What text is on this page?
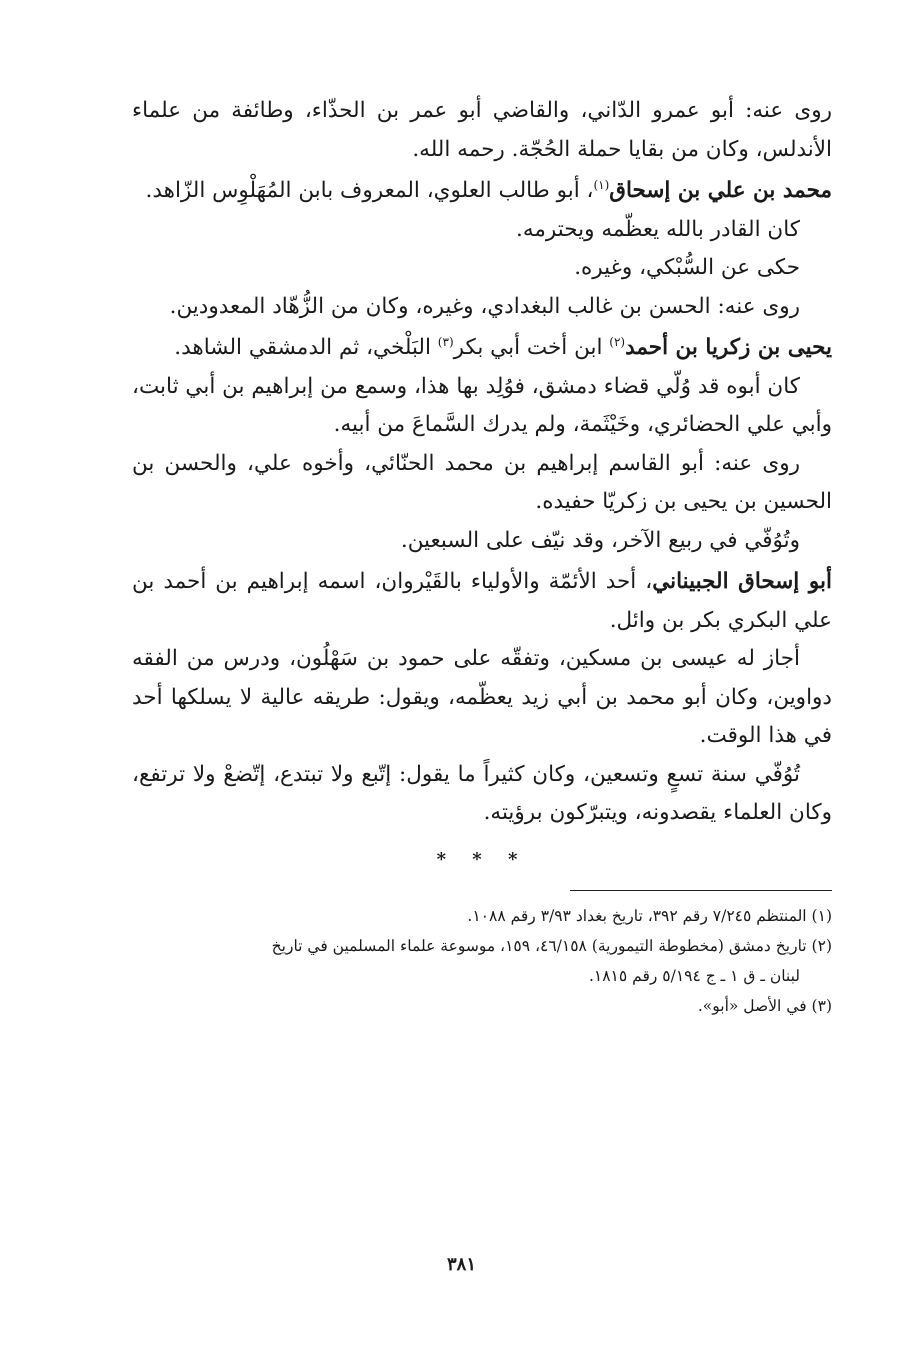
روى عنه: أبو عمرو الدّاني، والقاضي أبو عمر بن الحذّاء، وطائفة من علماء الأندلس، وكان من بقايا حملة الحُجّة. رحمه الله.

محمد بن علي بن إسحاق$^{(١)}$، أبو طالب العلوي، المعروف بابن المُهَلْوِس الزّاهد.

كان القادر بالله يعظّمه ويحترمه.

حكى عن السُّبْكي، وغيره.

روى عنه: الحسن بن غالب البغدادي، وغيره، وكان من الزُّهّاد المعدودين.

يحيى بن زكريا بن أحمد$^{(٢)}$ ابن أخت أبي بكر$^{(٣)}$ البَلْخي، ثم الدمشقي الشاهد.

كان أبوه قد وُلّي قضاء دمشق، فوُلِد بها هذا، وسمع من إبراهيم بن أبي ثابت، وأبي علي الحضائري، وخَيْثَمة، ولم يدرك السَّماعَ من أبيه.

روى عنه: أبو القاسم إبراهيم بن محمد الحنّائي، وأخوه علي، والحسن بن الحسين بن يحيى بن زكريّا حفيده.

وتُوُفّي في ربيع الآخر، وقد نيّف على السبعين.

أبو إسحاق الجبيناني، أحد الأئمّة والأولياء بالقَيْروان، اسمه إبراهيم بن أحمد بن علي البكري بكر بن وائل.

أجاز له عيسى بن مسكين، وتفقّه على حمود بن سَهْلُون، ودرس من الفقه دواوين، وكان أبو محمد بن أبي زيد يعظّمه، ويقول: طريقه عالية لا يسلكها أحد في هذا الوقت.

تُوُفّي سنة تسعٍ وتسعين، وكان كثيراً ما يقول: إتّبع ولا تبتدع، إتّضعْ ولا ترتفع، وكان العلماء يقصدونه، ويتبرّكون برؤيته.

* * *

(١) المنتظم ٧/٢٤٥ رقم ٣٩٢، تاريخ بغداد ٣/٩٣ رقم ١٠٨٨.

(٢) تاريخ دمشق (مخطوطة التيمورية) ٤٦/١٥٨، ١٥٩، موسوعة علماء المسلمين في تاريخ
لبنان ـ ق ١ ـ ج ٥/١٩٤ رقم ١٨١٥.

(٣) في الأصل «أبو».

٣٨١
